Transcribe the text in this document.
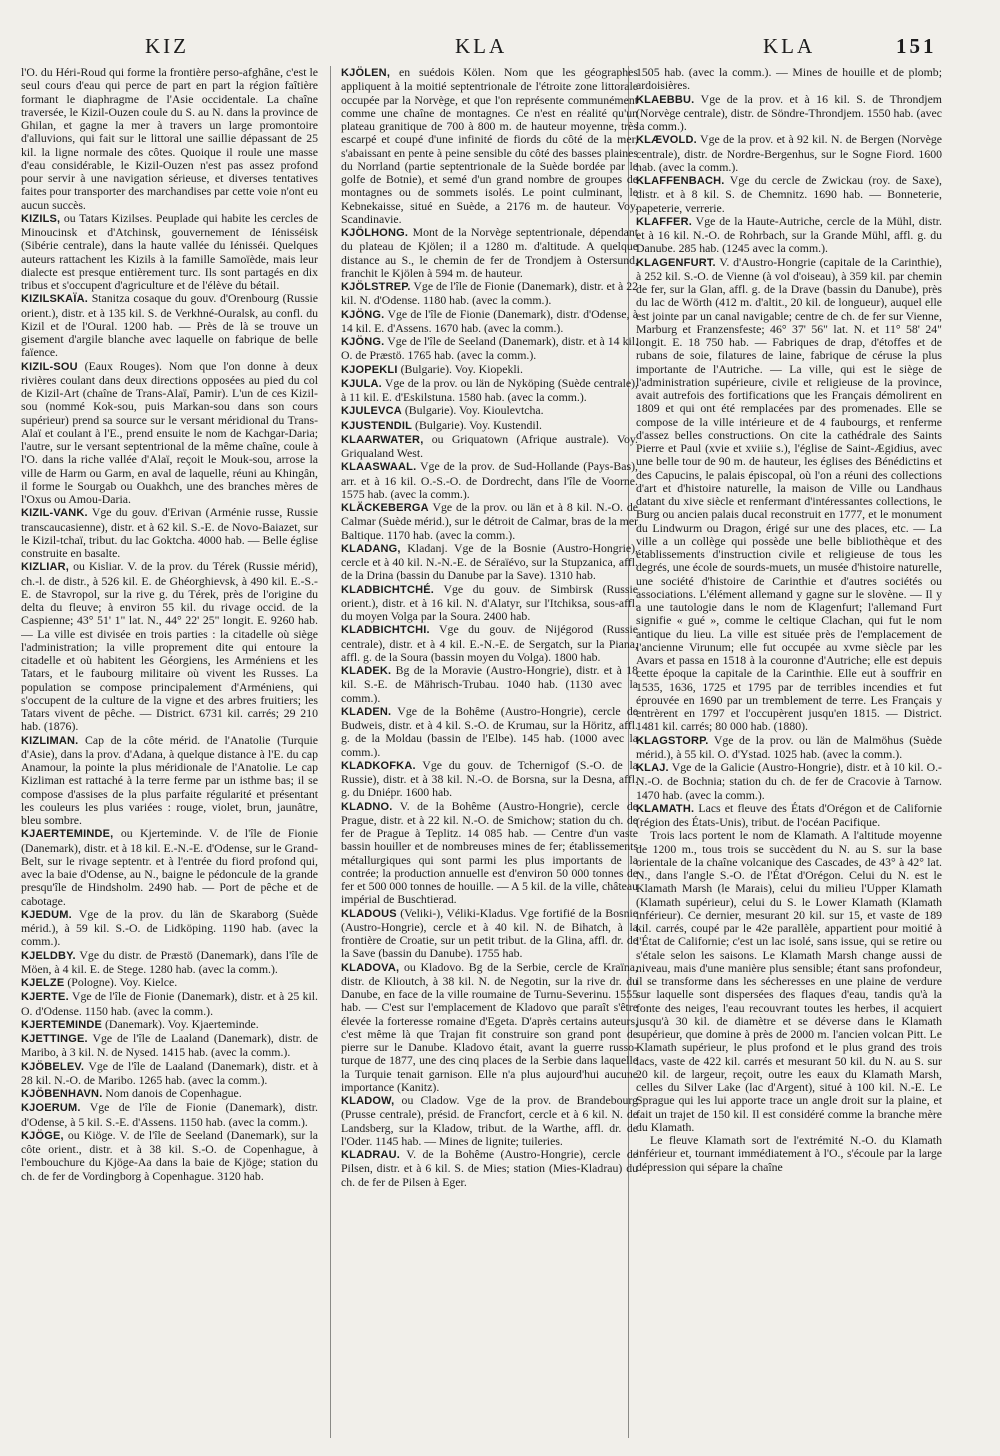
KIZ	KLA	KLA	151

l'O. du Héri-Roud qui forme la frontière perso-afghâne, c'est le seul cours d'eau qui perce de part en part la région faîtière formant le diaphragme de l'Asie occidentale. La chaîne traversée, le Kizil-Ouzen coule du S. au N. dans la province de Ghilan, et gagne la mer à travers un large promontoire d'alluvions, qui fait sur le littoral une saillie dépassant de 25 kil. la ligne normale des côtes. Quoique il roule une masse d'eau considérable, le Kizil-Ouzen n'est pas assez profond pour servir à une navigation sérieuse, et diverses tentatives faites pour transporter des marchandises par cette voie n'ont eu aucun succès.

KIZILS, ou Tatars Kizilses. Peuplade qui habite les cercles de Minoucinsk et d'Atchinsk, gouvernement de Iénisséisk (Sibérie centrale), dans la haute vallée du Iénisséi. Quelques auteurs rattachent les Kizils à la famille Samoïède, mais leur dialecte est presque entièrement turc. Ils sont partagés en dix tribus et s'occupent d'agriculture et de l'élève du bétail.

KIZILSKAÏA. Stanitza cosaque du gouv. d'Orenbourg (Russie orient.), distr. et à 135 kil. S. de Verkhné-Ouralsk, au confl. du Kizil et de l'Oural. 1200 hab. — Près de là se trouve un gisement d'argile blanche avec laquelle on fabrique de belle faïence.

KIZIL-SOU (Eaux Rouges). Nom que l'on donne à deux rivières coulant dans deux directions opposées au pied du col de Kizil-Art (chaîne de Trans-Alaï, Pamir). L'un de ces Kizil-sou (nommé Kok-sou, puis Markan-sou dans son cours supérieur) prend sa source sur le versant méridional du Trans-Alaï et coulant à l'E., prend ensuite le nom de Kachgar-Daria; l'autre, sur le versant septentrional de la même chaîne, coule à l'O. dans la riche vallée d'Alaï, reçoit le Mouk-sou, arrose la ville de Harm ou Garm, en aval de laquelle, réuni au Khingân, il forme le Sourgab ou Ouakhch, une des branches mères de l'Oxus ou Amou-Daria.

KIZIL-VANK. Vge du gouv. d'Erivan (Arménie russe, Russie transcaucasienne), distr. et à 62 kil. S.-E. de Novo-Baiazet, sur le Kizil-tchaï, tribut. du lac Goktcha. 4000 hab. — Belle église construite en basalte.

KIZLIAR, ou Kisliar. V. de la prov. du Térek (Russie mérid), ch.-l. de distr., à 526 kil. E. de Ghéorghievsk, à 490 kil. E.-S.-E. de Stavropol, sur la rive g. du Térek, près de l'origine du delta du fleuve; à environ 55 kil. du rivage occid. de la Caspienne; 43° 51' 1" lat. N., 44° 22' 25" longit. E. 9260 hab. — La ville est divisée en trois parties : la citadelle où siège l'administration; la ville proprement dite qui entoure la citadelle et où habitent les Géorgiens, les Arméniens et les Tatars, et le faubourg militaire où vivent les Russes. La population se compose principalement d'Arméniens, qui s'occupent de la culture de la vigne et des arbres fruitiers; les Tatars vivent de pêche. — District. 6731 kil. carrés; 29 210 hab. (1876).

KIZLIMAN. Cap de la côte mérid. de l'Anatolie (Turquie d'Asie), dans la prov. d'Adana, à quelque distance à l'E. du cap Anamour, la pointe la plus méridionale de l'Anatolie. Le cap Kizliman est rattaché à la terre ferme par un isthme bas; il se compose d'assises de la plus parfaite régularité et présentant les couleurs les plus variées : rouge, violet, brun, jaunâtre, bleu sombre.

KJAERTEMINDE, ou Kjerteminde. V. de l'île de Fionie (Danemark), distr. et à 18 kil. E.-N.-E. d'Odense, sur le Grand-Belt, sur le rivage septentr. et à l'entrée du fiord profond qui, avec la baie d'Odense, au N., baigne le pédoncule de la grande presqu'île de Hindsholm. 2490 hab. — Port de pêche et de cabotage.

KJEDUM. Vge de la prov. du län de Skaraborg (Suède mérid.), à 59 kil. S.-O. de Lidköping. 1190 hab. (avec la comm.).

KJELDBY. Vge du distr. de Præstö (Danemark), dans l'île de Möen, à 4 kil. E. de Stege. 1280 hab. (avec la comm.).

KJELZE (Pologne). Voy. Kielce.

KJERTE. Vge de l'île de Fionie (Danemark), distr. et à 25 kil. O. d'Odense. 1150 hab. (avec la comm.).

KJERTEMINDE (Danemark). Voy. Kjaerteminde.

KJETTINGE. Vge de l'île de Laaland (Danemark), distr. de Maribo, à 3 kil. N. de Nysed. 1415 hab. (avec la comm.).

KJÖBELEV. Vge de l'île de Laaland (Danemark), distr. et à 28 kil. N.-O. de Maribo. 1265 hab. (avec la comm.).

KJÖBENHAVN. Nom danois de Copenhague.

KJOERUM. Vge de l'île de Fionie (Danemark), distr. d'Odense, à 5 kil. S.-E. d'Assens. 1150 hab. (avec la comm.).

KJÖGE, ou Kiöge. V. de l'île de Seeland (Danemark), sur la côte orient., distr. et à 38 kil. S.-O. de Copenhague, à l'embouchure du Kjöge-Aa dans la baie de Kjöge; station du ch. de fer de Vordingborg à Copenhague. 3120 hab.

KJÖLEN, en suédois Kölen. Nom que les géographes appliquent à la moitié septentrionale de l'étroite zone littorale occupée par la Norvège, et que l'on représente communément comme une chaîne de montagnes. Ce n'est en réalité qu'un plateau granitique de 700 à 800 m. de hauteur moyenne, très escarpé et coupé d'une infinité de fiords du côté de la mer, s'abaissant en pente à peine sensible du côté des basses plaines du Norrland (partie septentrionale de la Suède bordée par le golfe de Botnie), et semé d'un grand nombre de groupes de montagnes ou de sommets isolés. Le point culminant, le Kebnekaisse, situé en Suède, a 2176 m. de hauteur. Voy. Scandinavie.

KJÖLHONG. Mont de la Norvège septentrionale, dépendant du plateau de Kjölen; il a 1280 m. d'altitude. A quelque distance au S., le chemin de fer de Trondjem à Ostersund, franchit le Kjölen à 594 m. de hauteur.

KJÖLSTREP. Vge de l'île de Fionie (Danemark), distr. et à 22 kil. N. d'Odense. 1180 hab. (avec la comm.).

KJÖNG. Vge de l'île de Fionie (Danemark), distr. d'Odense, à 14 kil. E. d'Assens. 1670 hab. (avec la comm.).

KJÖNG. Vge de l'île de Seeland (Danemark), distr. et à 14 kil. O. de Præstö. 1765 hab. (avec la comm.).

KJOPEKLI (Bulgarie). Voy. Kiopekli.

KJULA. Vge de la prov. ou län de Nyköping (Suède centrale), à 11 kil. E. d'Eskilstuna. 1580 hab. (avec la comm.).

KJULEVCA (Bulgarie). Voy. Kioulevtcha.

KJUSTENDIL (Bulgarie). Voy. Kustendil.

KLAARWATER, ou Griquatown (Afrique australe). Voy. Griqualand West.

KLAASWAAL. Vge de la prov. de Sud-Hollande (Pays-Bas), arr. et à 16 kil. O.-S.-O. de Dordrecht, dans l'île de Voorne. 1575 hab. (avec la comm.).

KLÄCKEBERGA Vge de la prov. ou län et à 8 kil. N.-O. de Calmar (Suède mérid.), sur le détroit de Calmar, bras de la mer Baltique. 1170 hab. (avec la comm.).

KLADANG, Kladanj. Vge de la Bosnie (Austro-Hongrie), cercle et à 40 kil. N.-N.-E. de Séraïévo, sur la Stupzanica, affl. de la Drina (bassin du Danube par la Save). 1310 hab.

KLADBICHTCHÉ. Vge du gouv. de Simbirsk (Russie orient.), distr. et à 16 kil. N. d'Alatyr, sur l'Itchiksa, sous-affl. du moyen Volga par la Soura. 2400 hab.

KLADBICHTCHI. Vge du gouv. de Nijégorod (Russie centrale), distr. et à 4 kil. E.-N.-E. de Sergatch, sur la Piana, affl. g. de la Soura (bassin moyen du Volga). 1800 hab.

KLADEK. Bg de la Moravie (Austro-Hongrie), distr. et à 18 kil. S.-E. de Mährisch-Trubau. 1040 hab. (1130 avec la comm.).

KLADEN. Vge de la Bohême (Austro-Hongrie), cercle de Budweis, distr. et à 4 kil. S.-O. de Krumau, sur la Höritz, affl. g. de la Moldau (bassin de l'Elbe). 145 hab. (1000 avec la comm.).

KLADKOFKA. Vge du gouv. de Tchernigof (S.-O. de la Russie), distr. et à 38 kil. N.-O. de Borsna, sur la Desna, affl. g. du Dniépr. 1600 hab.

KLADNO. V. de la Bohême (Austro-Hongrie), cercle de Prague, distr. et à 22 kil. N.-O. de Smichow; station du ch. de fer de Prague à Teplitz. 14 085 hab. — Centre d'un vaste bassin houiller et de nombreuses mines de fer; établissements métallurgiques qui sont parmi les plus importants de la contrée; la production annuelle est d'environ 50 000 tonnes de fer et 500 000 tonnes de houille. — A 5 kil. de la ville, château impérial de Buschtierad.

KLADOUS (Veliki-), Véliki-Kladus. Vge fortifié de la Bosnie (Austro-Hongrie), cercle et à 40 kil. N. de Bihatch, à la frontière de Croatie, sur un petit tribut. de la Glina, affl. dr. de la Save (bassin du Danube). 1755 hab.

KLADOVA, ou Kladovo. Bg de la Serbie, cercle de Kraïna, distr. de Klioutch, à 38 kil. N. de Negotin, sur la rive dr. du Danube, en face de la ville roumaine de Turnu-Severinu. 1555 hab. — C'est sur l'emplacement de Kladovo que paraît s'être élevée la forteresse romaine d'Egeta. D'après certains auteurs, c'est même là que Trajan fit construire son grand pont de pierre sur le Danube. Kladovo était, avant la guerre russo-turque de 1877, une des cinq places de la Serbie dans laquelle la Turquie tenait garnison. Elle n'a plus aujourd'hui aucune importance (Kanitz).

KLADOW, ou Cladow. Vge de la prov. de Brandebourg (Prusse centrale), présid. de Francfort, cercle et à 6 kil. N. de Landsberg, sur la Kladow, tribut. de la Warthe, affl. dr. de l'Oder. 1145 hab. — Mines de lignite; tuileries.

KLADRAU. V. de la Bohême (Austro-Hongrie), cercle de Pilsen, distr. et à 6 kil. S. de Mies; station (Mies-Kladrau) du ch. de fer de Pilsen à Eger.

1505 hab. (avec la comm.). — Mines de houille et de plomb; ardoisières.

KLAEBBU. Vge de la prov. et à 16 kil. S. de Throndjem (Norvège centrale), distr. de Söndre-Throndjem. 1550 hab. (avec la comm.).

KLÆVOLD. Vge de la prov. et à 92 kil. N. de Bergen (Norvège centrale), distr. de Nordre-Bergenhus, sur le Sogne Fiord. 1600 hab. (avec la comm.).

KLAFFENBACH. Vge du cercle de Zwickau (roy. de Saxe), distr. et à 8 kil. S. de Chemnitz. 1690 hab. — Bonneterie, papeterie, verrerie.

KLAFFER. Vge de la Haute-Autriche, cercle de la Mühl, distr. et à 16 kil. N.-O. de Rohrbach, sur la Grande Mühl, affl. g. du Danube. 285 hab. (1245 avec la comm.).

KLAGENFURT. V. d'Austro-Hongrie (capitale de la Carinthie), à 252 kil. S.-O. de Vienne (à vol d'oiseau), à 359 kil. par chemin de fer, sur la Glan, affl. g. de la Drave (bassin du Danube), près du lac de Wörth (412 m. d'altit., 20 kil. de longueur), auquel elle est jointe par un canal navigable; centre de ch. de fer sur Vienne, Marburg et Franzensfeste; 46° 37' 56" lat. N. et 11° 58' 24" longit. E. 18 750 hab. — Fabriques de drap, d'étoffes et de rubans de soie, filatures de laine, fabrique de céruse la plus importante de l'Autriche. — La ville, qui est le siège de l'administration supérieure, civile et religieuse de la province, avait autrefois des fortifications que les Français démolirent en 1809 et qui ont été remplacées par des promenades. Elle se compose de la ville intérieure et de 4 faubourgs, et renferme d'assez belles constructions. On cite la cathédrale des Saints Pierre et Paul (xvie et xviiie s.), l'église de Saint-Ægidius, avec une belle tour de 90 m. de hauteur, les églises des Bénédictins et des Capucins, le palais épiscopal, où l'on a réuni des collections d'art et d'histoire naturelle, la maison de Ville ou Landhaus datant du xive siècle et renfermant d'intéressantes collections, le Burg ou ancien palais ducal reconstruit en 1777, et le monument du Lindwurm ou Dragon, érigé sur une des places, etc. — La ville a un collège qui possède une belle bibliothèque et des établissements d'instruction civile et religieuse de tous les degrés, une école de sourds-muets, un musée d'histoire naturelle, une société d'histoire de Carinthie et d'autres sociétés ou associations. L'élément allemand y gagne sur le slovène. — Il y a une tautologie dans le nom de Klagenfurt; l'allemand Furt signifie « gué », comme le celtique Clachan, qui fut le nom antique du lieu. La ville est située près de l'emplacement de l'ancienne Virunum; elle fut occupée au xvme siècle par les Avars et passa en 1518 à la couronne d'Autriche; elle est depuis cette époque la capitale de la Carinthie. Elle eut à souffrir en 1535, 1636, 1725 et 1795 par de terribles incendies et fut éprouvée en 1690 par un tremblement de terre. Les Français y entrèrent en 1797 et l'occupèrent jusqu'en 1815. — District. 1481 kil. carrés; 80 000 hab. (1880).

KLAGSTORP. Vge de la prov. ou län de Malmöhus (Suède mérid.), à 55 kil. O. d'Ystad. 1025 hab. (avec la comm.).

KLAJ. Vge de la Galicie (Austro-Hongrie), distr. et à 10 kil. O.-N.-O. de Bochnia; station du ch. de fer de Cracovie à Tarnow. 1470 hab. (avec la comm.).

KLAMATH. Lacs et fleuve des États d'Orégon et de Californie (région des États-Unis), tribut. de l'océan Pacifique.

Trois lacs portent le nom de Klamath. A l'altitude moyenne de 1200 m., tous trois se succèdent du N. au S. sur la base orientale de la chaîne volcanique des Cascades, de 43° à 42° lat. N., dans l'angle S.-O. de l'État d'Orégon. Celui du N. est le Klamath Marsh (le Marais), celui du milieu l'Upper Klamath (Klamath supérieur), celui du S. le Lower Klamath (Klamath inférieur). Ce dernier, mesurant 20 kil. sur 15, et vaste de 189 kil. carrés, coupé par le 42e parallèle, appartient pour moitié à l'État de Californie; c'est un lac isolé, sans issue, qui se retire ou s'étale selon les saisons. Le Klamath Marsh change aussi de niveau, mais d'une manière plus sensible; étant sans profondeur, il se transforme dans les sécheresses en une plaine de verdure sur laquelle sont dispersées des flaques d'eau, tandis qu'à la fonte des neiges, l'eau recouvrant toutes les herbes, il acquiert jusqu'à 30 kil. de diamètre et se déverse dans le Klamath supérieur, que domine à près de 2000 m. l'ancien volcan Pitt. Le Klamath supérieur, le plus profond et le plus grand des trois lacs, vaste de 422 kil. carrés et mesurant 50 kil. du N. au S. sur 20 kil. de largeur, reçoit, outre les eaux du Klamath Marsh, celles du Silver Lake (lac d'Argent), situé à 100 kil. N.-E. Le Sprague qui les lui apporte trace un angle droit sur la plaine, et fait un trajet de 150 kil. Il est considéré comme la branche mère du Klamath.

Le fleuve Klamath sort de l'extrémité N.-O. du Klamath inférieur et, tournant immédiatement à l'O., s'écoule par la large dépression qui sépare la chaîne
